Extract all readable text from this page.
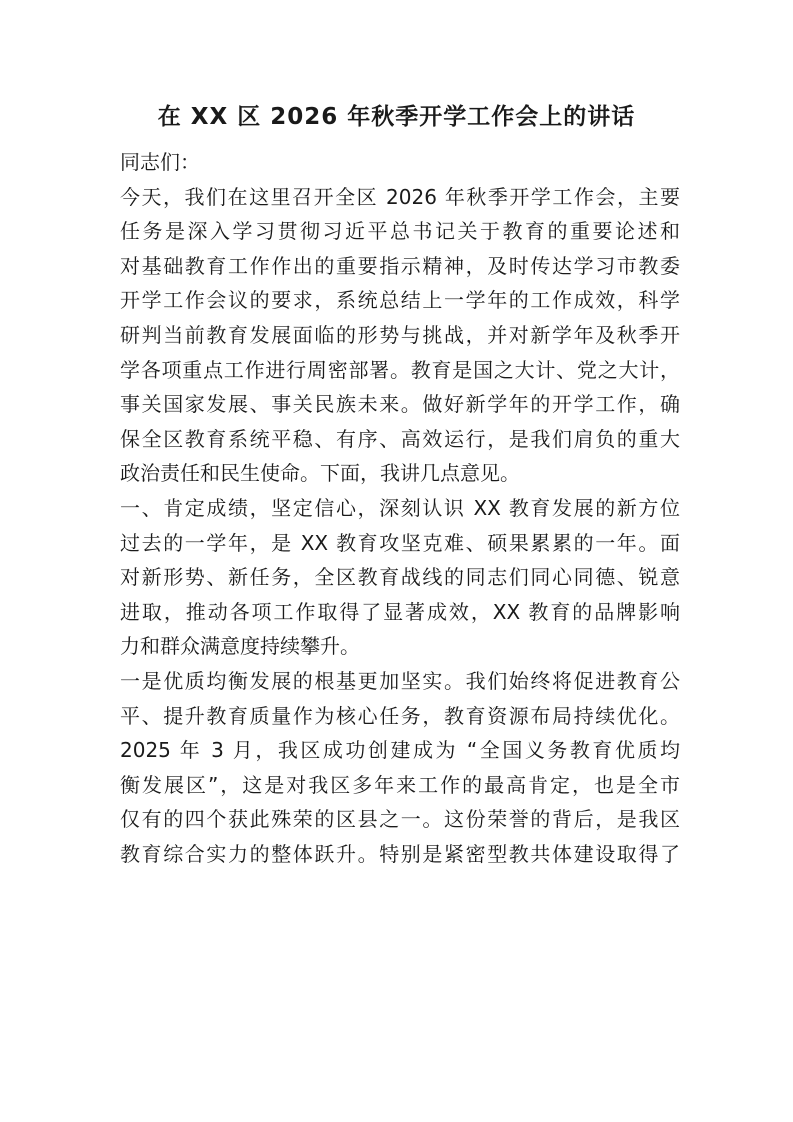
在 XX 区 2026 年秋季开学工作会上的讲话
同志们：
今天，我们在这里召开全区 2026 年秋季开学工作会，主要
任务是深入学习贯彻习近平总书记关于教育的重要论述和
对基础教育工作作出的重要指示精神，及时传达学习市教委
开学工作会议的要求，系统总结上一学年的工作成效，科学
研判当前教育发展面临的形势与挑战，并对新学年及秋季开
学各项重点工作进行周密部署。教育是国之大计、党之大计，
事关国家发展、事关民族未来。做好新学年的开学工作，确
保全区教育系统平稳、有序、高效运行，是我们肩负的重大
政治责任和民生使命。下面，我讲几点意见。
一、肯定成绩，坚定信心，深刻认识 XX 教育发展的新方位
过去的一学年，是 XX 教育攻坚克难、硕果累累的一年。面
对新形势、新任务，全区教育战线的同志们同心同德、锐意
进取，推动各项工作取得了显著成效，XX 教育的品牌影响
力和群众满意度持续攀升。
一是优质均衡发展的根基更加坚实。我们始终将促进教育公
平、提升教育质量作为核心任务，教育资源布局持续优化。
2025 年 3 月，我区成功创建成为 “全国义务教育优质均
衡发展区”，这是对我区多年来工作的最高肯定，也是全市
仅有的四个获此殊荣的区县之一。这份荣誉的背后，是我区
教育综合实力的整体跃升。特别是紧密型教共体建设取得了
